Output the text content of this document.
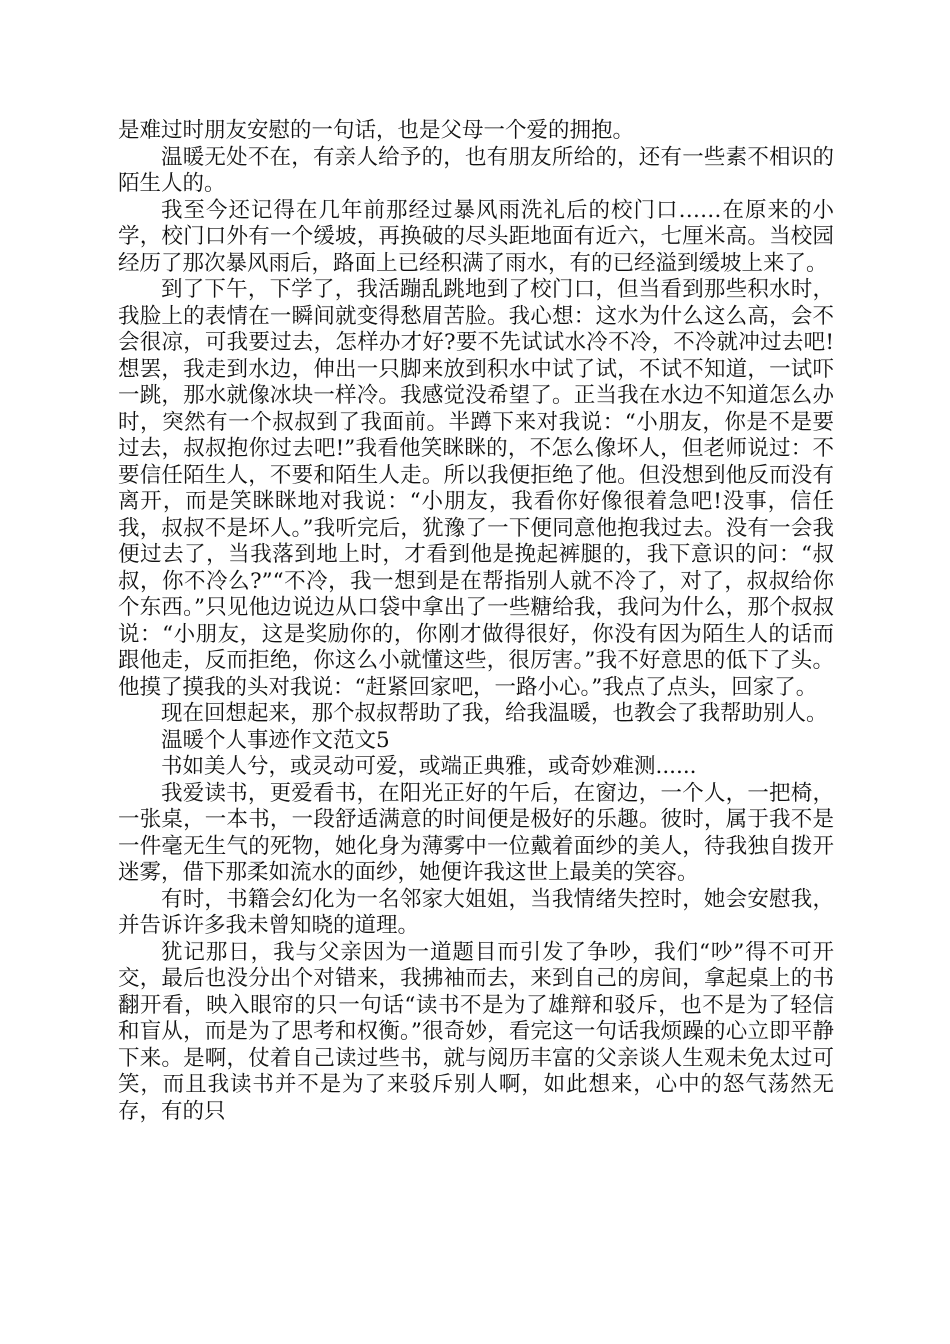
是难过时朋友安慰的一句话，也是父母一个爱的拥抱。

温暖无处不在，有亲人给予的，也有朋友所给的，还有一些素不相识的陌生人的。

我至今还记得在几年前那经过暴风雨洗礼后的校门口……在原来的小学，校门口外有一个缓坡，再换破的尽头距地面有近六，七厘米高。当校园经历了那次暴风雨后，路面上已经积满了雨水，有的已经溢到缓坡上来了。

到了下午，下学了，我活蹦乱跳地到了校门口，但当看到那些积水时，我脸上的表情在一瞬间就变得愁眉苦脸。我心想：这水为什么这么高，会不会很凉，可我要过去，怎样办才好?要不先试试水冷不冷，不冷就冲过去吧!想罢，我走到水边，伸出一只脚来放到积水中试了试，不试不知道，一试吓一跳，那水就像冰块一样冷。我感觉没希望了。正当我在水边不知道怎么办时，突然有一个叔叔到了我面前。半蹲下来对我说：“小朋友，你是不是要过去，叔叔抱你过去吧!”我看他笑眯眯的，不怎么像坏人，但老师说过：不要信任陌生人，不要和陌生人走。所以我便拒绝了他。但没想到他反而没有离开，而是笑眯眯地对我说：“小朋友，我看你好像很着急吧!没事，信任我，叔叔不是坏人。”我听完后，犹豫了一下便同意他抱我过去。没有一会我便过去了，当我落到地上时，才看到他是挽起裤腿的，我下意识的问：“叔叔，你不冷么?”“不冷，我一想到是在帮指别人就不冷了，对了，叔叔给你个东西。”只见他边说边从口袋中拿出了一些糖给我，我问为什么，那个叔叔说：“小朋友，这是奖励你的，你刚才做得很好，你没有因为陌生人的话而跟他走，反而拒绝，你这么小就懂这些，很厉害。”我不好意思的低下了头。他摸了摸我的头对我说：“赶紧回家吧，一路小心。”我点了点头，回家了。

现在回想起来，那个叔叔帮助了我，给我温暖，也教会了我帮助别人。

温暖个人事迹作文范文5

书如美人兮，或灵动可爱，或端正典雅，或奇妙难测......

我爱读书，更爱看书，在阳光正好的午后，在窗边，一个人，一把椅，一张桌，一本书，一段舒适满意的时间便是极好的乐趣。彼时，属于我不是一件毫无生气的死物，她化身为薄雾中一位戴着面纱的美人，待我独自拨开迷雾，借下那柔如流水的面纱，她便许我这世上最美的笑容。

有时，书籍会幻化为一名邻家大姐姐，当我情绪失控时，她会安慰我，并告诉许多我未曾知晓的道理。

犹记那日，我与父亲因为一道题目而引发了争吵，我们“吵”得不可开交，最后也没分出个对错来，我拂袖而去，来到自己的房间，拿起桌上的书翻开看，映入眼帘的只一句话“读书不是为了雄辩和驳斥，也不是为了轻信和盲从，而是为了思考和权衡。”很奇妙，看完这一句话我烦躁的心立即平静下来。是啊，仗着自己读过些书，就与阅历丰富的父亲谈人生观未免太过可笑，而且我读书并不是为了来驳斥别人啊，如此想来，心中的怒气荡然无存，有的只
